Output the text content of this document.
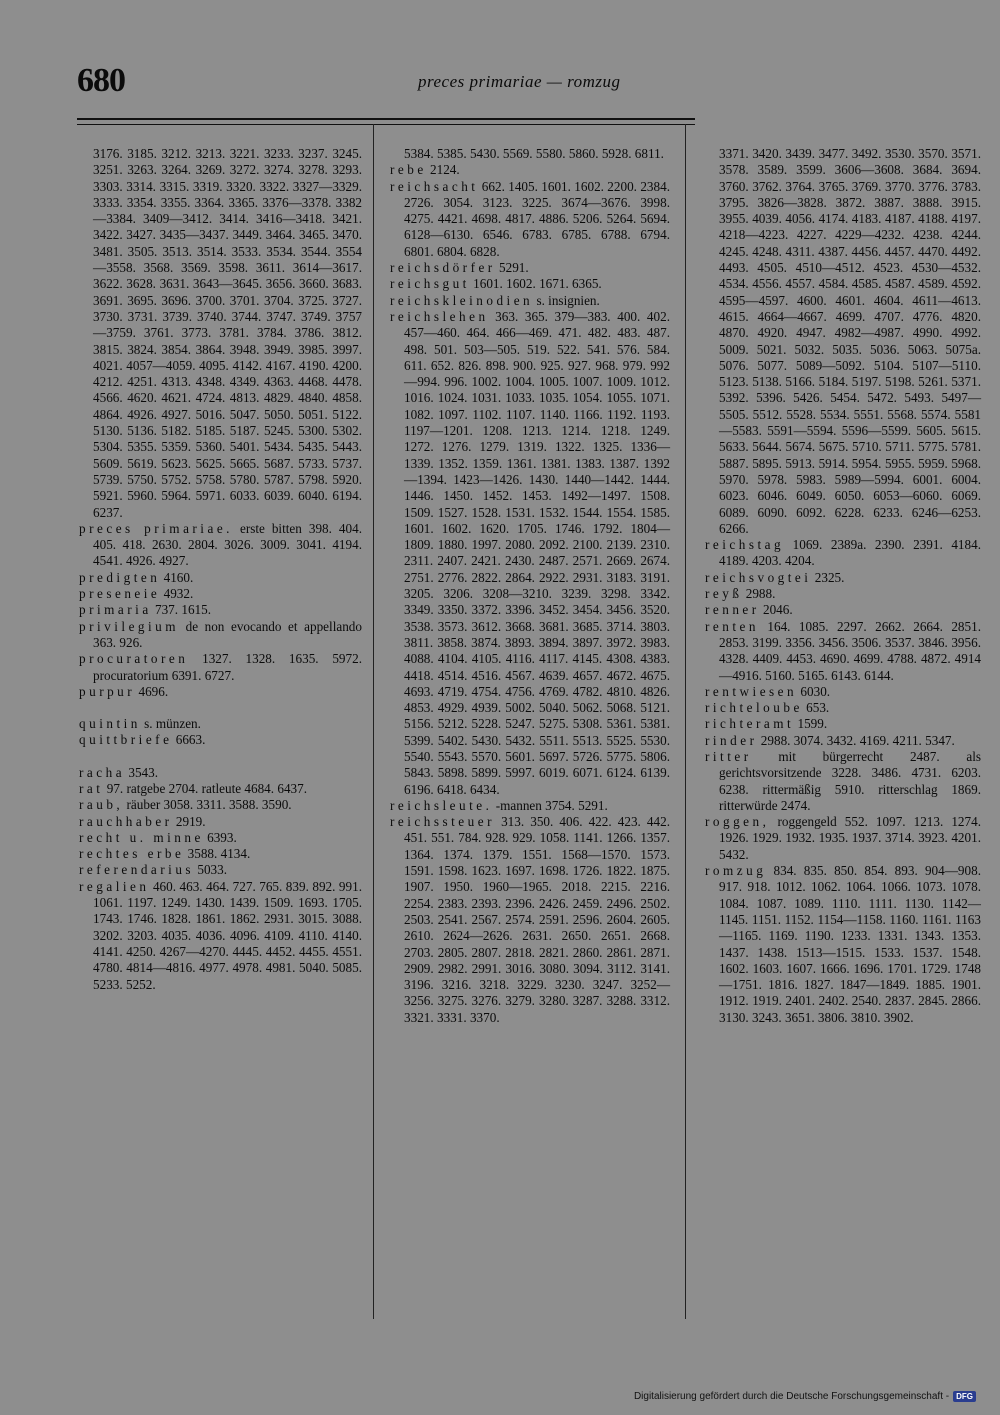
680	preces primariae — romzug

3176. 3185. 3212. 3213. 3221. 3233. 3237. 3245. 3251. 3263. 3264. 3269. 3272. 3274. 3278. 3293. 3303. 3314. 3315. 3319. 3320. 3322. 3327—3329. 3333. 3354. 3355. 3364. 3365. 3376—3378. 3382—3384. 3409—3412. 3414. 3416—3418. 3421. 3422. 3427. 3435—3437. 3449. 3464. 3465. 3470. 3481. 3505. 3513. 3514. 3533. 3534. 3544. 3554—3558. 3568. 3569. 3598. 3611. 3614—3617. 3622. 3628. 3631. 3643—3645. 3656. 3660. 3683. 3691. 3695. 3696. 3700. 3701. 3704. 3725. 3727. 3730. 3731. 3739. 3740. 3744. 3747. 3749. 3757—3759. 3761. 3773. 3781. 3784. 3786. 3812. 3815. 3824. 3854. 3864. 3948. 3949. 3985. 3997. 4021. 4057—4059. 4095. 4142. 4167. 4190. 4200. 4212. 4251. 4313. 4348. 4349. 4363. 4468. 4478. 4566. 4620. 4621. 4724. 4813. 4829. 4840. 4858. 4864. 4926. 4927. 5016. 5047. 5050. 5051. 5122. 5130. 5136. 5182. 5185. 5187. 5245. 5300. 5302. 5304. 5355. 5359. 5360. 5401. 5434. 5435. 5443. 5609. 5619. 5623. 5625. 5665. 5687. 5733. 5737. 5739. 5750. 5752. 5758. 5780. 5787. 5798. 5920. 5921. 5960. 5964. 5971. 6033. 6039. 6040. 6194. 6237.

preces primariae. erste bitten 398. 404. 405. 418. 2630. 2804. 3026. 3009. 3041. 4194. 4541. 4926. 4927.

predigten 4160.

preseneie 4932.

primaria 737. 1615.

privilegium de non evocando et appellando 363. 926.

procuratoren 1327. 1328. 1635. 5972. procuratorium 6391. 6727.

purpur 4696.

quintin s. münzen.

quittbriefe 6663.

racha 3543.

rat 97. ratgebe 2704. ratleute 4684. 6437.

raub, räuber 3058. 3311. 3588. 3590.

rauchhaber 2919.

recht u. minne 6393.

rechtes erbe 3588. 4134.

referendarius 5033.

regalien 460. 463. 464. 727. 765. 839. 892. 991. 1061. 1197. 1249. 1430. 1439. 1509. 1693. 1705. 1743. 1746. 1828. 1861. 1862. 2931. 3015. 3088. 3202. 3203. 4035. 4036. 4096. 4109. 4110. 4140. 4141. 4250. 4267—4270. 4445. 4452. 4455. 4551. 4780. 4814—4816. 4977. 4978. 4981. 5040. 5085. 5233. 5252.

5384. 5385. 5430. 5569. 5580. 5860. 5928. 6811.

rebe 2124.

reichsacht 662. 1405. 1601. 1602. 2200. 2384. 2726. 3054. 3123. 3225. 3674—3676. 3998. 4275. 4421. 4698. 4817. 4886. 5206. 5264. 5694. 6128—6130. 6546. 6783. 6785. 6788. 6794. 6801. 6804. 6828.

reichsdörfer 5291.

reichsgut 1601. 1602. 1671. 6365.

reichskleinodien s. insignien.

reichslehen 363. 365. 379—383. 400. 402. 457—460. 464. 466—469. 471. 482. 483. 487. 498. 501. 503—505. 519. 522. 541. 576. 584. 611. 652. 826. 898. 900. 925. 927. 968. 979. 992—994. 996. 1002. 1004. 1005. 1007. 1009. 1012. 1016. 1024. 1031. 1033. 1035. 1054. 1055. 1071. 1082. 1097. 1102. 1107. 1140. 1166. 1192. 1193. 1197—1201. 1208. 1213. 1214. 1218. 1249. 1272. 1276. 1279. 1319. 1322. 1325. 1336—1339. 1352. 1359. 1361. 1381. 1383. 1387. 1392—1394. 1423—1426. 1430. 1440—1442. 1444. 1446. 1450. 1452. 1453. 1492—1497. 1508. 1509. 1527. 1528. 1531. 1532. 1544. 1554. 1585. 1601. 1602. 1620. 1705. 1746. 1792. 1804—1809. 1880. 1997. 2080. 2092. 2100. 2139. 2310. 2311. 2407. 2421. 2430. 2487. 2571. 2669. 2674. 2751. 2776. 2822. 2864. 2922. 2931. 3183. 3191. 3205. 3206. 3208—3210. 3239. 3298. 3342. 3349. 3350. 3372. 3396. 3452. 3454. 3456. 3520. 3538. 3573. 3612. 3668. 3681. 3685. 3714. 3803. 3811. 3858. 3874. 3893. 3894. 3897. 3972. 3983. 4088. 4104. 4105. 4116. 4117. 4145. 4308. 4383. 4418. 4514. 4516. 4567. 4639. 4657. 4672. 4675. 4693. 4719. 4754. 4756. 4769. 4782. 4810. 4826. 4853. 4929. 4939. 5002. 5040. 5062. 5068. 5121. 5156. 5212. 5228. 5247. 5275. 5308. 5361. 5381. 5399. 5402. 5430. 5432. 5511. 5513. 5525. 5530. 5540. 5543. 5570. 5601. 5697. 5726. 5775. 5806. 5843. 5898. 5899. 5997. 6019. 6071. 6124. 6139. 6196. 6418. 6434.

reichsleute. -mannen 3754. 5291.

reichssteuer 313. 350. 406. 422. 423. 442. 451. 551. 784. 928. 929. 1058. 1141. 1266. 1357. 1364. 1374. 1379. 1551. 1568—1570. 1573. 1591. 1598. 1623. 1697. 1698. 1726. 1822. 1875. 1907. 1950. 1960—1965. 2018. 2215. 2216. 2254. 2383. 2393. 2396. 2426. 2459. 2496. 2502. 2503. 2541. 2567. 2574. 2591. 2596. 2604. 2605. 2610. 2624—2626. 2631. 2650. 2651. 2668. 2703. 2805. 2807. 2818. 2821. 2860. 2861. 2871. 2909. 2982. 2991. 3016. 3080. 3094. 3112. 3141. 3196. 3216. 3218. 3229. 3230. 3247. 3252—3256. 3275. 3276. 3279. 3280. 3287. 3288. 3312. 3321. 3331. 3370.

3371. 3420. 3439. 3477. 3492. 3530. 3570. 3571. 3578. 3589. 3599. 3606—3608. 3684. 3694. 3760. 3762. 3764. 3765. 3769. 3770. 3776. 3783. 3795. 3826—3828. 3872. 3887. 3888. 3915. 3955. 4039. 4056. 4174. 4183. 4187. 4188. 4197. 4218—4223. 4227. 4229—4232. 4238. 4244. 4245. 4248. 4311. 4387. 4456. 4457. 4470. 4492. 4493. 4505. 4510—4512. 4523. 4530—4532. 4534. 4556. 4557. 4584. 4585. 4587. 4589. 4592. 4595—4597. 4600. 4601. 4604. 4611—4613. 4615. 4664—4667. 4699. 4707. 4776. 4820. 4870. 4920. 4947. 4982—4987. 4990. 4992. 5009. 5021. 5032. 5035. 5036. 5063. 5075a. 5076. 5077. 5089—5092. 5104. 5107—5110. 5123. 5138. 5166. 5184. 5197. 5198. 5261. 5371. 5392. 5396. 5426. 5454. 5472. 5493. 5497—5505. 5512. 5528. 5534. 5551. 5568. 5574. 5581—5583. 5591—5594. 5596—5599. 5605. 5615. 5633. 5644. 5674. 5675. 5710. 5711. 5775. 5781. 5887. 5895. 5913. 5914. 5954. 5955. 5959. 5968. 5970. 5978. 5983. 5989—5994. 6001. 6004. 6023. 6046. 6049. 6050. 6053—6060. 6069. 6089. 6090. 6092. 6228. 6233. 6246—6253. 6266.

reichstag 1069. 2389a. 2390. 2391. 4184. 4189. 4203. 4204.

reichsvogtei 2325.

reyß 2988.

renner 2046.

renten 164. 1085. 2297. 2662. 2664. 2851. 2853. 3199. 3356. 3456. 3506. 3537. 3846. 3956. 4328. 4409. 4453. 4690. 4699. 4788. 4872. 4914—4916. 5160. 5165. 6143. 6144.

rentwiesen 6030.

richteloube 653.

richteramt 1599.

rinder 2988. 3074. 3432. 4169. 4211. 5347.

ritter mit bürgerrecht 2487. als gerichtsvorsitzende 3228. 3486. 4731. 6203. 6238. rittermäßig 5910. ritterschlag 1869. ritterwürde 2474.

roggen, roggengeld 552. 1097. 1213. 1274. 1926. 1929. 1932. 1935. 1937. 3714. 3923. 4201. 5432.

romzug 834. 835. 850. 854. 893. 904—908. 917. 918. 1012. 1062. 1064. 1066. 1073. 1078. 1084. 1087. 1089. 1110. 1111. 1130. 1142—1145. 1151. 1152. 1154—1158. 1160. 1161. 1163—1165. 1169. 1190. 1233. 1331. 1343. 1353. 1437. 1438. 1513—1515. 1533. 1537. 1548. 1602. 1603. 1607. 1666. 1696. 1701. 1729. 1748—1751. 1816. 1827. 1847—1849. 1885. 1901. 1912. 1919. 2401. 2402. 2540. 2837. 2845. 2866. 3130. 3243. 3651. 3806. 3810. 3902.

Digitalisierung gefördert durch die Deutsche Forschungsgemeinschaft - DFG
